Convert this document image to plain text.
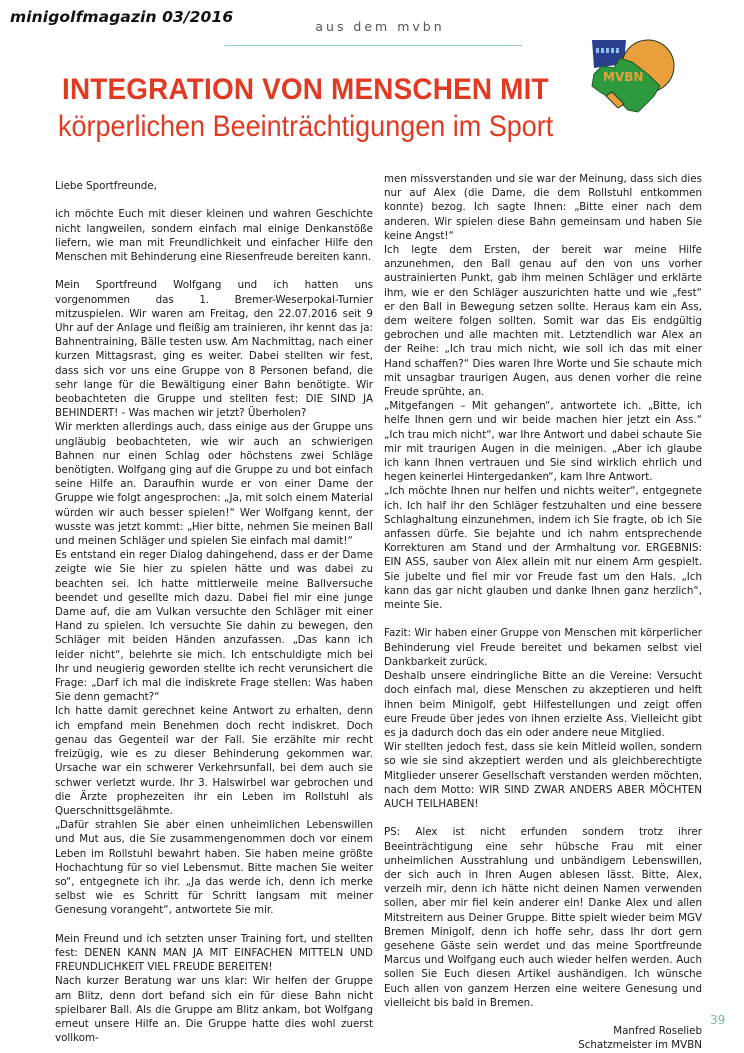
minigolfmagazin 03/2016
aus dem mvbn
MVBN
INTEGRATION VON MENSCHEN MIT
körperlichen Beeinträchtigungen im Sport

Liebe Sportfreunde,

ich möchte Euch mit dieser kleinen und wahren Geschichte nicht langweilen, sondern einfach mal einige Denkanstöße liefern, wie man mit Freundlichkeit und einfacher Hilfe den Menschen mit Behinderung eine Riesenfreude bereiten kann.

Mein Sportfreund Wolfgang und ich hatten uns vorgenommen das 1. Bremer-Weserpokal-Turnier mitzuspielen. Wir waren am Freitag, den 22.07.2016 seit 9 Uhr auf der Anlage und fleißig am trainieren, ihr kennt das ja: Bahnentraining, Bälle testen usw. Am Nachmittag, nach einer kurzen Mittagsrast, ging es weiter. Dabei stellten wir fest, dass sich vor uns eine Gruppe von 8 Personen befand, die sehr lange für die Bewältigung einer Bahn benötigte. Wir beobachteten die Gruppe und stellten fest: DIE SIND JA BEHINDERT! - Was machen wir jetzt? Überholen?

Wir merkten allerdings auch, dass einige aus der Gruppe uns ungläubig beobachteten, wie wir auch an schwierigen Bahnen nur einen Schlag oder höchstens zwei Schläge benötigten. Wolfgang ging auf die Gruppe zu und bot einfach seine Hilfe an. Daraufhin wurde er von einer Dame der Gruppe wie folgt angesprochen: „Ja, mit solch einem Material würden wir auch besser spielen!“ Wer Wolfgang kennt, der wusste was jetzt kommt: „Hier bitte, nehmen Sie meinen Ball und meinen Schläger und spielen Sie einfach mal damit!“

Es entstand ein reger Dialog dahingehend, dass er der Dame zeigte wie Sie hier zu spielen hätte und was dabei zu beachten sei. Ich hatte mittlerweile meine Ballversuche beendet und gesellte mich dazu. Dabei fiel mir eine junge Dame auf, die am Vulkan versuchte den Schläger mit einer Hand zu spielen. Ich versuchte Sie dahin zu bewegen, den Schläger mit beiden Händen anzufassen. „Das kann ich leider nicht“, belehrte sie mich. Ich entschuldigte mich bei Ihr und neugierig geworden stellte ich recht verunsichert die Frage: „Darf ich mal die indiskrete Frage stellen: Was haben Sie denn gemacht?“

Ich hatte damit gerechnet keine Antwort zu erhalten, denn ich empfand mein Benehmen doch recht indiskret. Doch genau das Gegenteil war der Fall. Sie erzählte mir recht freizügig, wie es zu dieser Behinderung gekommen war. Ursache war ein schwerer Verkehrsunfall, bei dem auch sie schwer verletzt wurde. Ihr 3. Halswirbel war gebrochen und die Ärzte prophezeiten ihr ein Leben im Rollstuhl als Querschnittsgelähmte.

„Dafür strahlen Sie aber einen unheimlichen Lebenswillen und Mut aus, die Sie zusammengenommen doch vor einem Leben im Rollstuhl bewahrt haben. Sie haben meine größte Hochachtung für so viel Lebensmut. Bitte machen Sie weiter so“, entgegnete ich ihr. „Ja das werde ich, denn ich merke selbst wie es Schritt für Schritt langsam mit meiner Genesung vorangeht“, antwortete Sie mir.

Mein Freund und ich setzten unser Training fort, und stellten fest: DENEN KANN MAN JA MIT EINFACHEN MITTELN UND FREUNDLICHKEIT VIEL FREUDE BEREITEN!

Nach kurzer Beratung war uns klar: Wir helfen der Gruppe am Blitz, denn dort befand sich ein für diese Bahn nicht spielbarer Ball. Als die Gruppe am Blitz ankam, bot Wolfgang erneut unsere Hilfe an. Die Gruppe hatte dies wohl zuerst vollkom-

men missverstanden und sie war der Meinung, dass sich dies nur auf Alex (die Dame, die dem Rollstuhl entkommen konnte) bezog. Ich sagte Ihnen: „Bitte einer nach dem anderen. Wir spielen diese Bahn gemeinsam und haben Sie keine Angst!“

Ich legte dem Ersten, der bereit war meine Hilfe anzunehmen, den Ball genau auf den von uns vorher austrainierten Punkt, gab ihm meinen Schläger und erklärte ihm, wie er den Schläger auszurichten hatte und wie „fest“ er den Ball in Bewegung setzen sollte. Heraus kam ein Ass, dem weitere folgen sollten. Somit war das Eis endgültig gebrochen und alle machten mit. Letztendlich war Alex an der Reihe: „Ich trau mich nicht, wie soll ich das mit einer Hand schaffen?“ Dies waren Ihre Worte und Sie schaute mich mit unsagbar traurigen Augen, aus denen vorher die reine Freude sprühte, an.

„Mitgefangen – Mit gehangen“, antwortete ich. „Bitte, ich helfe Ihnen gern und wir beide machen hier jetzt ein Ass.“ „Ich trau mich nicht“, war Ihre Antwort und dabei schaute Sie mir mit traurigen Augen in die meinigen. „Aber ich glaube ich kann Ihnen vertrauen und Sie sind wirklich ehrlich und hegen keinerlei Hintergedanken“, kam Ihre Antwort.

„Ich möchte Ihnen nur helfen und nichts weiter“, entgegnete ich. Ich half ihr den Schläger festzuhalten und eine bessere Schlaghaltung einzunehmen, indem ich Sie fragte, ob ich Sie anfassen dürfe. Sie bejahte und ich nahm entsprechende Korrekturen am Stand und der Armhaltung vor. ERGEBNIS: EIN ASS, sauber von Alex allein mit nur einem Arm gespielt. Sie jubelte und fiel mir vor Freude fast um den Hals. „Ich kann das gar nicht glauben und danke Ihnen ganz herzlich“, meinte Sie.

Fazit: Wir haben einer Gruppe von Menschen mit körperlicher Behinderung viel Freude bereitet und bekamen selbst viel Dankbarkeit zurück.

Deshalb unsere eindringliche Bitte an die Vereine: Versucht doch einfach mal, diese Menschen zu akzeptieren und helft ihnen beim Minigolf, gebt Hilfestellungen und zeigt offen eure Freude über jedes von ihnen erzielte Ass. Vielleicht gibt es ja dadurch doch das ein oder andere neue Mitglied.

Wir stellten jedoch fest, dass sie kein Mitleid wollen, sondern so wie sie sind akzeptiert werden und als gleichberechtigte Mitglieder unserer Gesellschaft verstanden werden möchten, nach dem Motto: WIR SIND ZWAR ANDERS ABER MÖCHTEN AUCH TEILHABEN!

PS: Alex ist nicht erfunden sondern trotz ihrer Beeinträchtigung eine sehr hübsche Frau mit einer unheimlichen Ausstrahlung und unbändigem Lebenswillen, der sich auch in Ihren Augen ablesen lässt. Bitte, Alex, verzeih mir, denn ich hätte nicht deinen Namen verwenden sollen, aber mir fiel kein anderer ein! Danke Alex und allen Mitstreitern aus Deiner Gruppe. Bitte spielt wieder beim MGV Bremen Minigolf, denn ich hoffe sehr, dass Ihr dort gern gesehene Gäste sein werdet und das meine Sportfreunde Marcus und Wolfgang euch auch wieder helfen werden. Auch sollen Sie Euch diesen Artikel aushändigen. Ich wünsche Euch allen von ganzem Herzen eine weitere Genesung und vielleicht bis bald in Bremen.

Manfred Roselieb

Schatzmeister im MVBN

39
